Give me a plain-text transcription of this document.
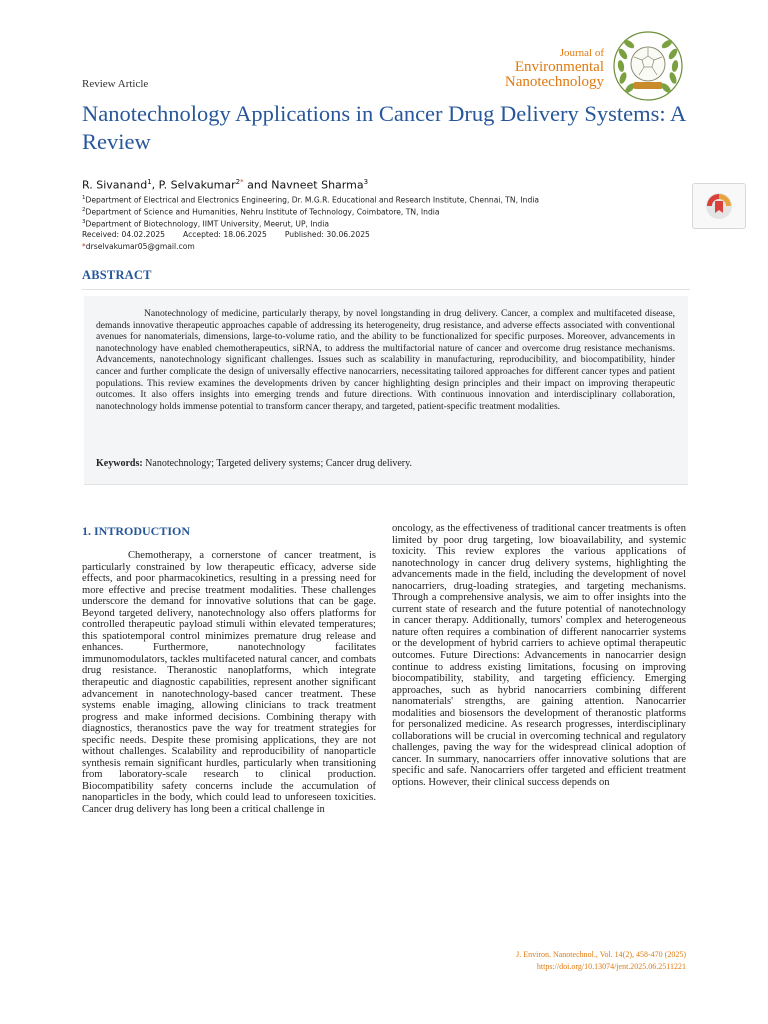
Review Article
Journal of
Environmental
Nanotechnology
Nanotechnology Applications in Cancer Drug Delivery Systems: A Review
R. Sivanand$^1$, P. Selvakumar$^{2*}$ and Navneet Sharma$^3$
$^1$Department of Electrical and Electronics Engineering, Dr. M.G.R. Educational and Research Institute, Chennai, TN, India
$^2$Department of Science and Humanities, Nehru Institute of Technology, Coimbatore, TN, India
$^3$Department of Biotechnology, IIMT University, Meerut, UP, India
Received: 04.02.2025 Accepted: 18.06.2025 Published: 30.06.2025
*drselvakumar05@gmail.com
ABSTRACT

Nanotechnology of medicine, particularly therapy, by novel longstanding in drug delivery. Cancer, a complex and multifaceted disease, demands innovative therapeutic approaches capable of addressing its heterogeneity, drug resistance, and adverse effects associated with conventional avenues for nanomaterials, dimensions, large-to-volume ratio, and the ability to be functionalized for specific purposes. Moreover, advancements in nanotechnology have enabled chemotherapeutics, siRNA, to address the multifactorial nature of cancer and overcome drug resistance mechanisms. Advancements, nanotechnology significant challenges. Issues such as scalability in manufacturing, reproducibility, and biocompatibility, hinder cancer and further complicate the design of universally effective nanocarriers, necessitating tailored approaches for different cancer types and patient populations. This review examines the developments driven by cancer highlighting design principles and their impact on improving therapeutic outcomes. It also offers insights into emerging trends and future directions. With continuous innovation and interdisciplinary collaboration, nanotechnology holds immense potential to transform cancer therapy, and targeted, patient-specific treatment modalities.

Keywords: Nanotechnology; Targeted delivery systems; Cancer drug delivery.
1. INTRODUCTION

Chemotherapy, a cornerstone of cancer treatment, is particularly constrained by low therapeutic efficacy, adverse side effects, and poor pharmacokinetics, resulting in a pressing need for more effective and precise treatment modalities. These challenges underscore the demand for innovative solutions that can be gage. Beyond targeted delivery, nanotechnology also offers platforms for controlled therapeutic payload stimuli within elevated temperatures; this spatiotemporal control minimizes premature drug release and enhances. Furthermore, nanotechnology facilitates immunomodulators, tackles multifaceted natural cancer, and combats drug resistance. Theranostic nanoplatforms, which integrate therapeutic and diagnostic capabilities, represent another significant advancement in nanotechnology-based cancer treatment. These systems enable imaging, allowing clinicians to track treatment progress and make informed decisions. Combining therapy with diagnostics, theranostics pave the way for treatment strategies for specific needs. Despite these promising applications, they are not without challenges. Scalability and reproducibility of nanoparticle synthesis remain significant hurdles, particularly when transitioning from laboratory-scale research to clinical production. Biocompatibility safety concerns include the accumulation of nanoparticles in the body, which could lead to unforeseen toxicities. Cancer drug delivery has long been a critical challenge in

oncology, as the effectiveness of traditional cancer treatments is often limited by poor drug targeting, low bioavailability, and systemic toxicity. This review explores the various applications of nanotechnology in cancer drug delivery systems, highlighting the advancements made in the field, including the development of novel nanocarriers, drug-loading strategies, and targeting mechanisms. Through a comprehensive analysis, we aim to offer insights into the current state of research and the future potential of nanotechnology in cancer therapy. Additionally, tumors' complex and heterogeneous nature often requires a combination of different nanocarrier systems or the development of hybrid carriers to achieve optimal therapeutic outcomes. Future Directions: Advancements in nanocarrier design continue to address existing limitations, focusing on improving biocompatibility, stability, and targeting efficiency. Emerging approaches, such as hybrid nanocarriers combining different nanomaterials' strengths, are gaining attention. Nanocarrier modalities and biosensors the development of theranostic platforms for personalized medicine. As research progresses, interdisciplinary collaborations will be crucial in overcoming technical and regulatory challenges, paving the way for the widespread clinical adoption of cancer. In summary, nanocarriers offer innovative solutions that are specific and safe. Nanocarriers offer targeted and efficient treatment options. However, their clinical success depends on

J. Environ. Nanotechnol., Vol. 14(2), 458-470 (2025)
https://doi.org/10.13074/jent.2025.06.2511221
